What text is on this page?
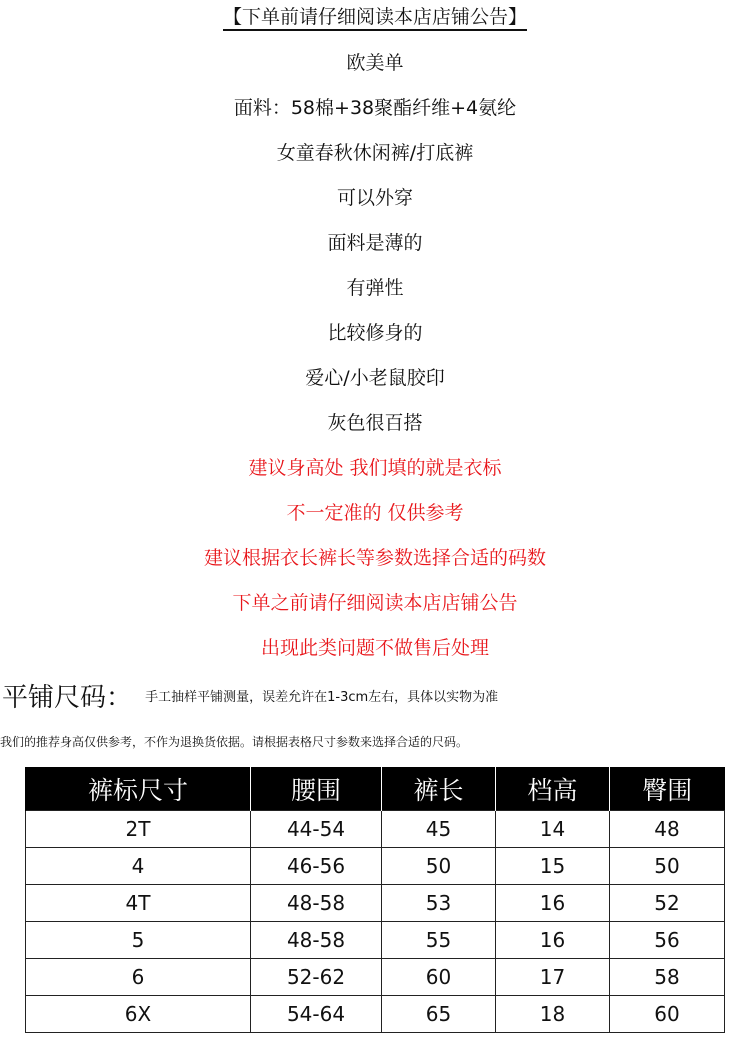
【下单前请仔细阅读本店店铺公告】
欧美单
面料：58棉+38聚酯纤维+4氨纶
女童春秋休闲裤/打底裤
可以外穿
面料是薄的
有弹性
比较修身的
爱心/小老鼠胶印
灰色很百搭
建议身高处 我们填的就是衣标
不一定准的 仅供参考
建议根据衣长裤长等参数选择合适的码数
下单之前请仔细阅读本店店铺公告
出现此类问题不做售后处理
平铺尺码： 手工抽样平铺测量，误差允许在1-3cm左右，具体以实物为准
我们的推荐身高仅供参考，不作为退换货依据。请根据表格尺寸参数来选择合适的尺码。
裤标尺寸	腰围	裤长	档高	臀围
2T	44-54	45	14	48
4	46-56	50	15	50
4T	48-58	53	16	52
5	48-58	55	16	56
6	52-62	60	17	58
6X	54-64	65	18	60
